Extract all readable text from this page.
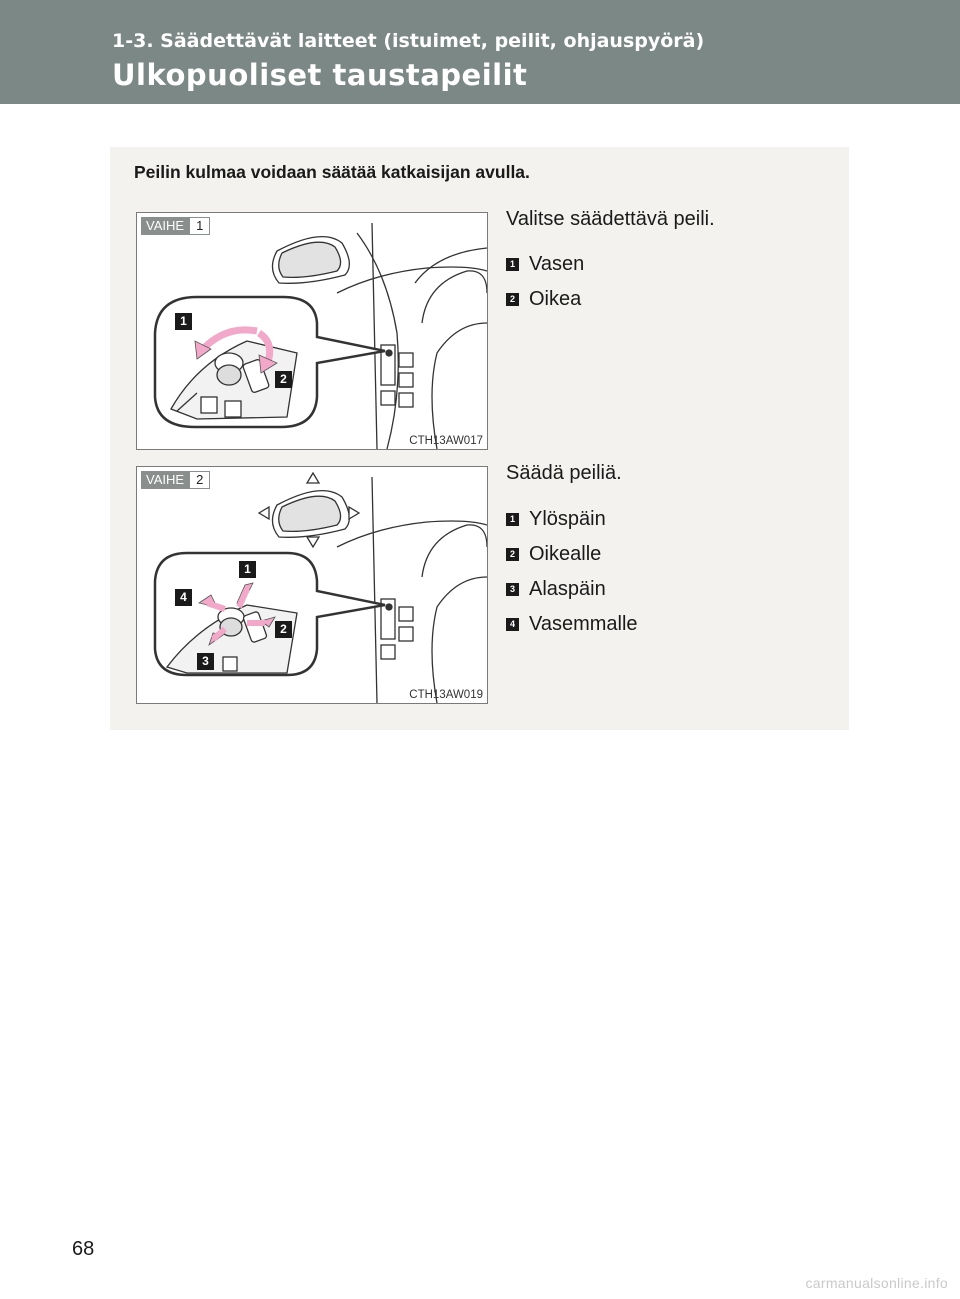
1-3. Säädettävät laitteet (istuimet, peilit, ohjauspyörä)
Ulkopuoliset taustapeilit
Peilin kulmaa voidaan säätää katkaisijan avulla.
VAIHE 1
1
2
CTH13AW017
Valitse säädettävä peili.
1 Vasen
2 Oikea
VAIHE 2
1
2
3
4
CTH13AW019
Säädä peiliä.
1 Ylöspäin
2 Oikealle
3 Alaspäin
4 Vasemmalle
68
carmanualsonline.info
